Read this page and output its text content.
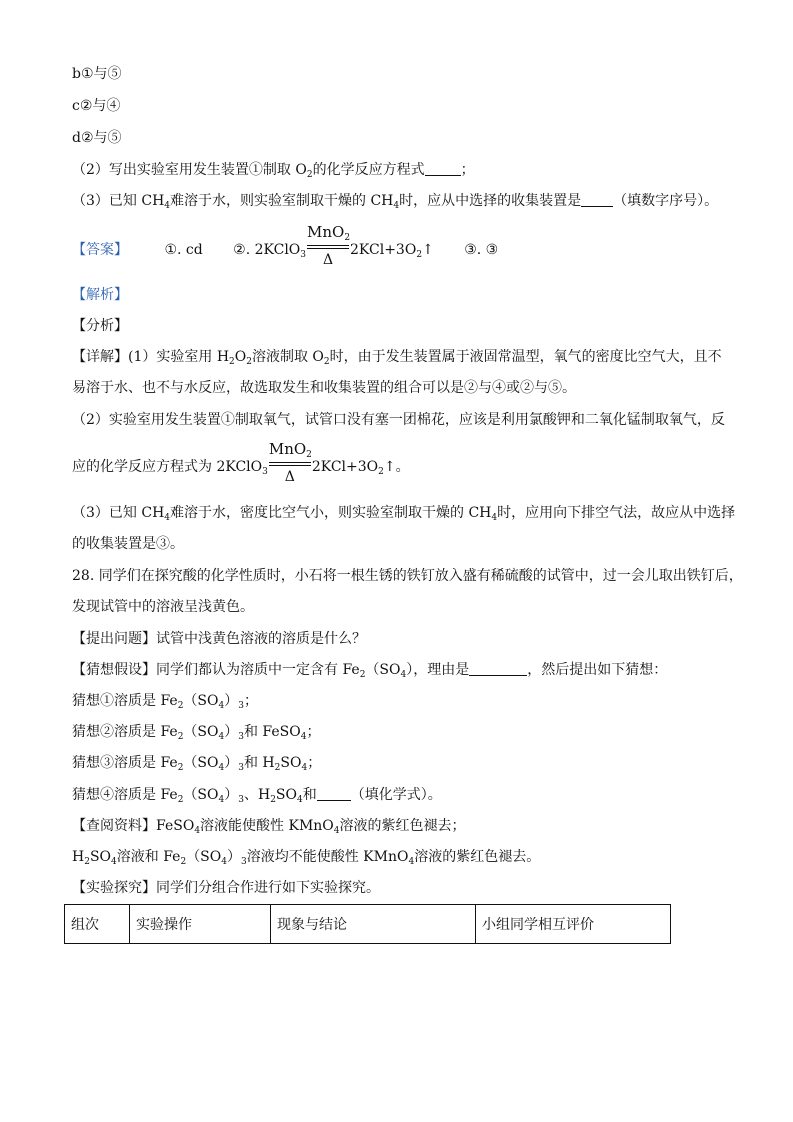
b①与⑤
c②与④
d②与⑤
（2）写出实验室用发生装置①制取 $O_2$的化学反应方程式	；
（3）已知 $CH_4$难溶于水，则实验室制取干燥的 $CH_4$时，应从中选择的收集装置是 （填数字序号）。
【答案】	①. cd ②. 2KClO$_3$
MnO$_2$
Δ
$2KCl+3O_2↑$ ③. ③
【解析】
【分析】
【详解】(1）实验室用 $H_2O_2$溶液制取 $O_2$时，由于发生装置属于液固常温型，氧气的密度比空气大，且不
易溶于水、也不与水反应，故选取发生和收集装置的组合可以是②与④或②与⑤。
（2）实验室用发生装置①制取氧气，试管口没有塞一团棉花，应该是利用氯酸钾和二氧化锰制取氧气，反
应的化学反应方程式为 2KClO$_3$
MnO$_2$
Δ
$2KCl+3O_2↑$。
（3）已知 $CH_4$难溶于水，密度比空气小，则实验室制取干燥的 $CH_4$时，应用向下排空气法，故应从中选择
的收集装置是③。
28. 同学们在探究酸的化学性质时，小石将一根生锈的铁钉放入盛有稀硫酸的试管中，过一会儿取出铁钉后，
发现试管中的溶液呈浅黄色。
【提出问题】试管中浅黄色溶液的溶质是什么？
【猜想假设】同学们都认为溶质中一定含有 $Fe_2(SO_4)$，理由是	，然后提出如下猜想：
猜想①溶质是 $Fe_2(SO_4)_3$；
猜想②溶质是 $Fe_2(SO_4)_3$和 FeSO$_4$；
猜想③溶质是 $Fe_2(SO_4)_3$和 $H_2SO_4$；
猜想④溶质是 $Fe_2(SO_4)_3$、$H_2SO_4$和 （填化学式）。
【查阅资料】FeSO$_4$溶液能使酸性 KMnO$_4$溶液的紫红色褪去；
$H_2SO_4$溶液和 $Fe_2(SO_4)_3$溶液均不能使酸性 KMnO$_4$溶液的紫红色褪去。
【实验探究】同学们分组合作进行如下实验探究。
组次	实验操作	现象与结论	小组同学相互评价
